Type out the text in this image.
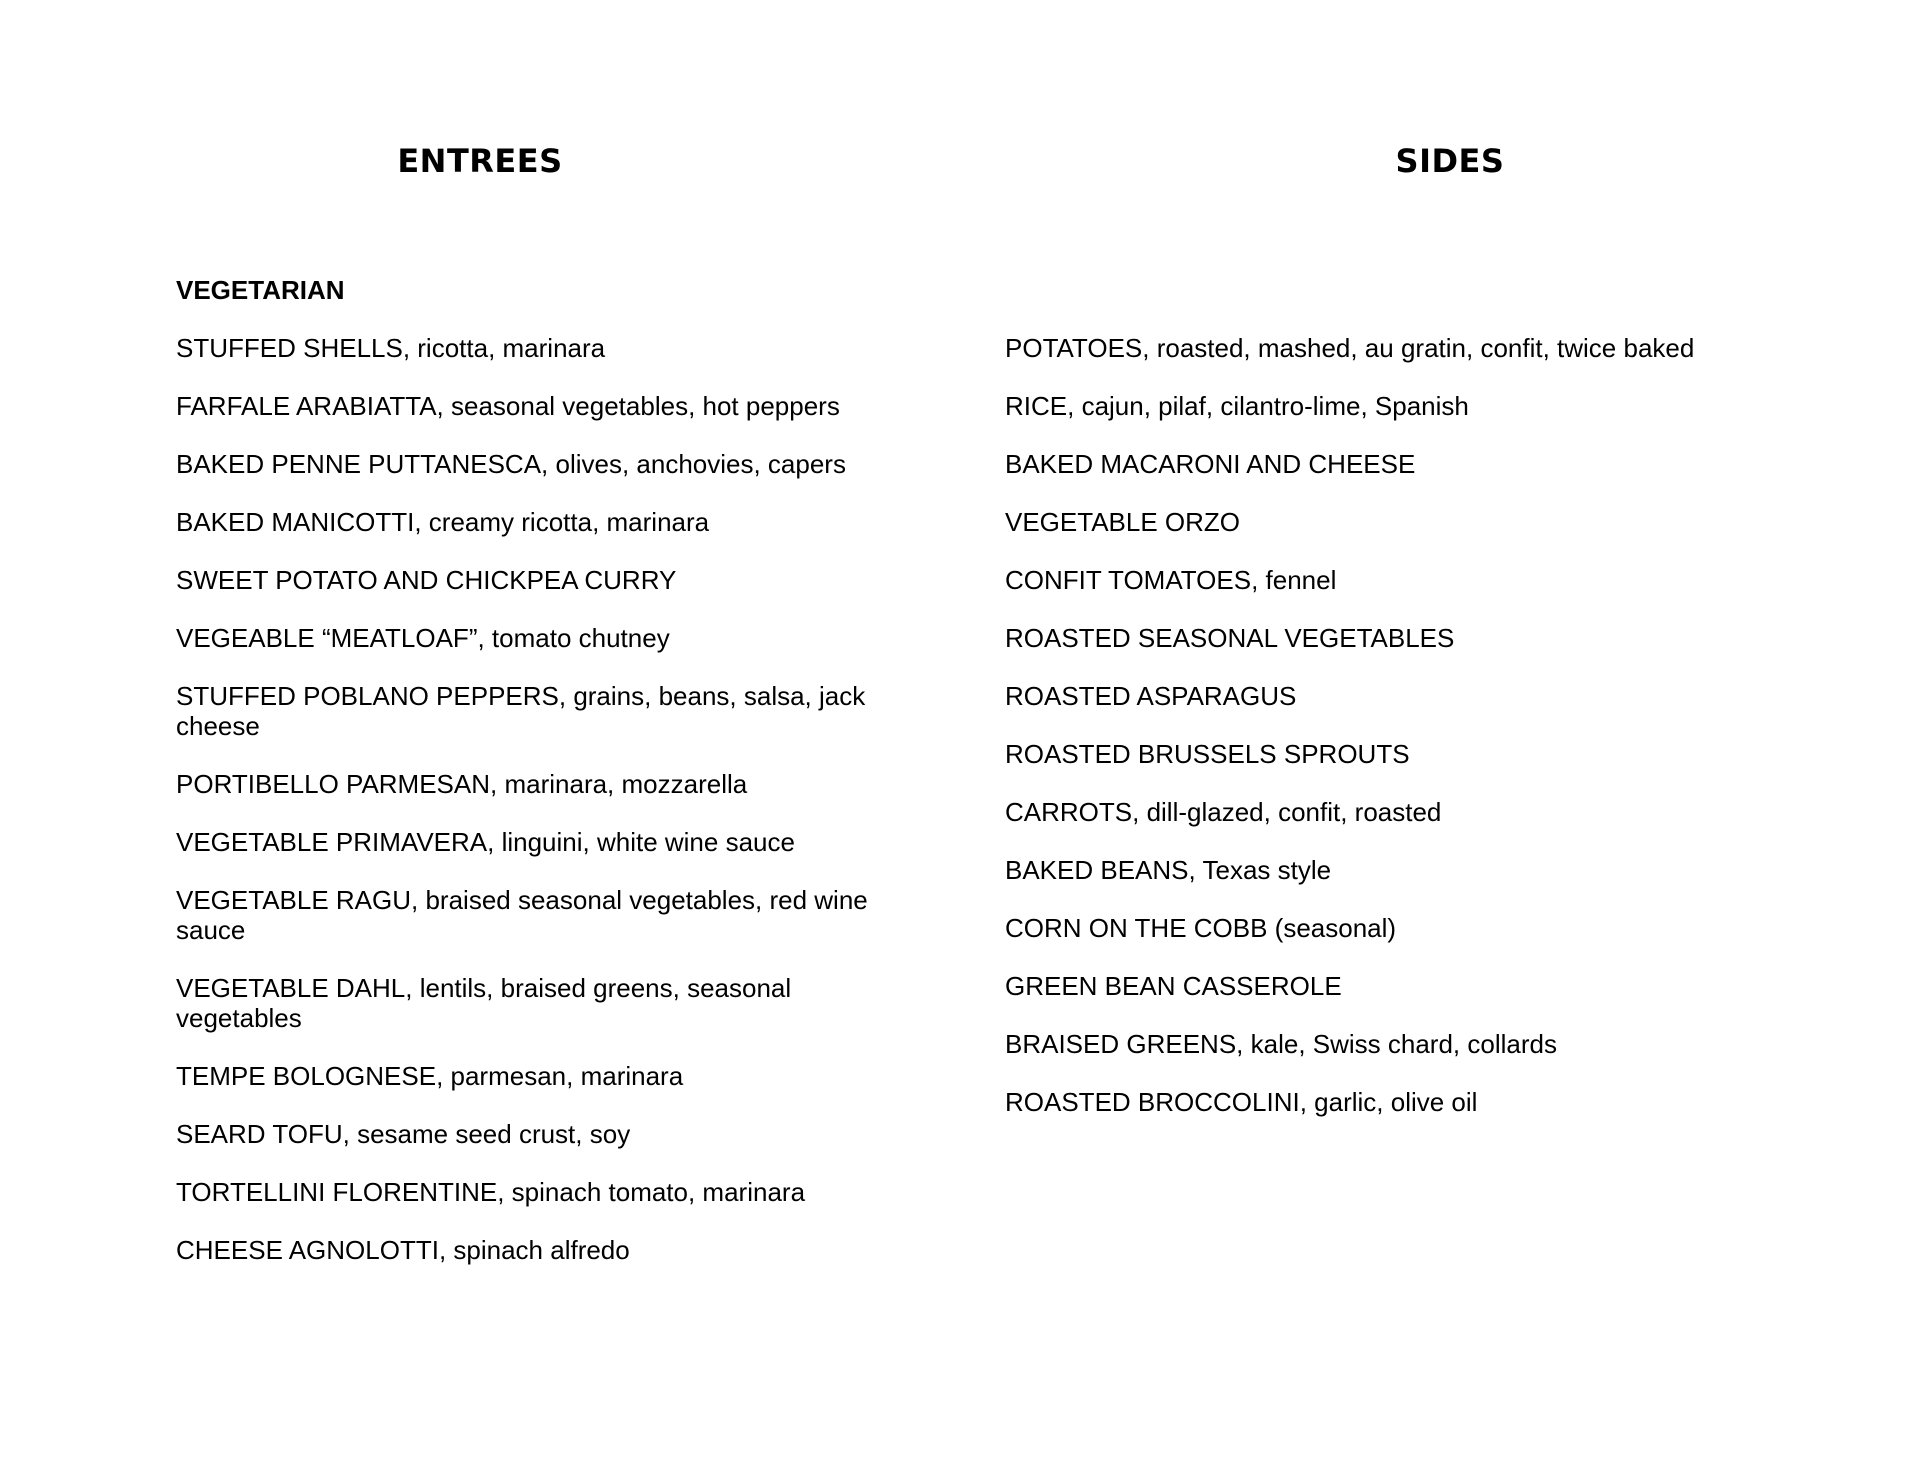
ENTREES	SIDES
VEGETARIAN
STUFFED SHELLS, ricotta, marinara
FARFALE ARABIATTA, seasonal vegetables, hot peppers
BAKED PENNE PUTTANESCA, olives, anchovies, capers
BAKED MANICOTTI, creamy ricotta, marinara
SWEET POTATO AND CHICKPEA CURRY
VEGEABLE “MEATLOAF”, tomato chutney
STUFFED POBLANO PEPPERS, grains, beans, salsa, jack cheese
PORTIBELLO PARMESAN, marinara, mozzarella
VEGETABLE PRIMAVERA, linguini, white wine sauce
VEGETABLE RAGU, braised seasonal vegetables, red wine sauce
VEGETABLE DAHL, lentils, braised greens, seasonal vegetables
TEMPE BOLOGNESE, parmesan, marinara
SEARD TOFU, sesame seed crust, soy
TORTELLINI FLORENTINE, spinach tomato, marinara
CHEESE AGNOLOTTI, spinach alfredo
POTATOES, roasted, mashed, au gratin, confit, twice baked
RICE, cajun, pilaf, cilantro-lime, Spanish
BAKED MACARONI AND CHEESE
VEGETABLE ORZO
CONFIT TOMATOES, fennel
ROASTED SEASONAL VEGETABLES
ROASTED ASPARAGUS
ROASTED BRUSSELS SPROUTS
CARROTS, dill-glazed, confit, roasted
BAKED BEANS, Texas style
CORN ON THE COBB (seasonal)
GREEN BEAN CASSEROLE
BRAISED GREENS, kale, Swiss chard, collards
ROASTED BROCCOLINI, garlic, olive oil
